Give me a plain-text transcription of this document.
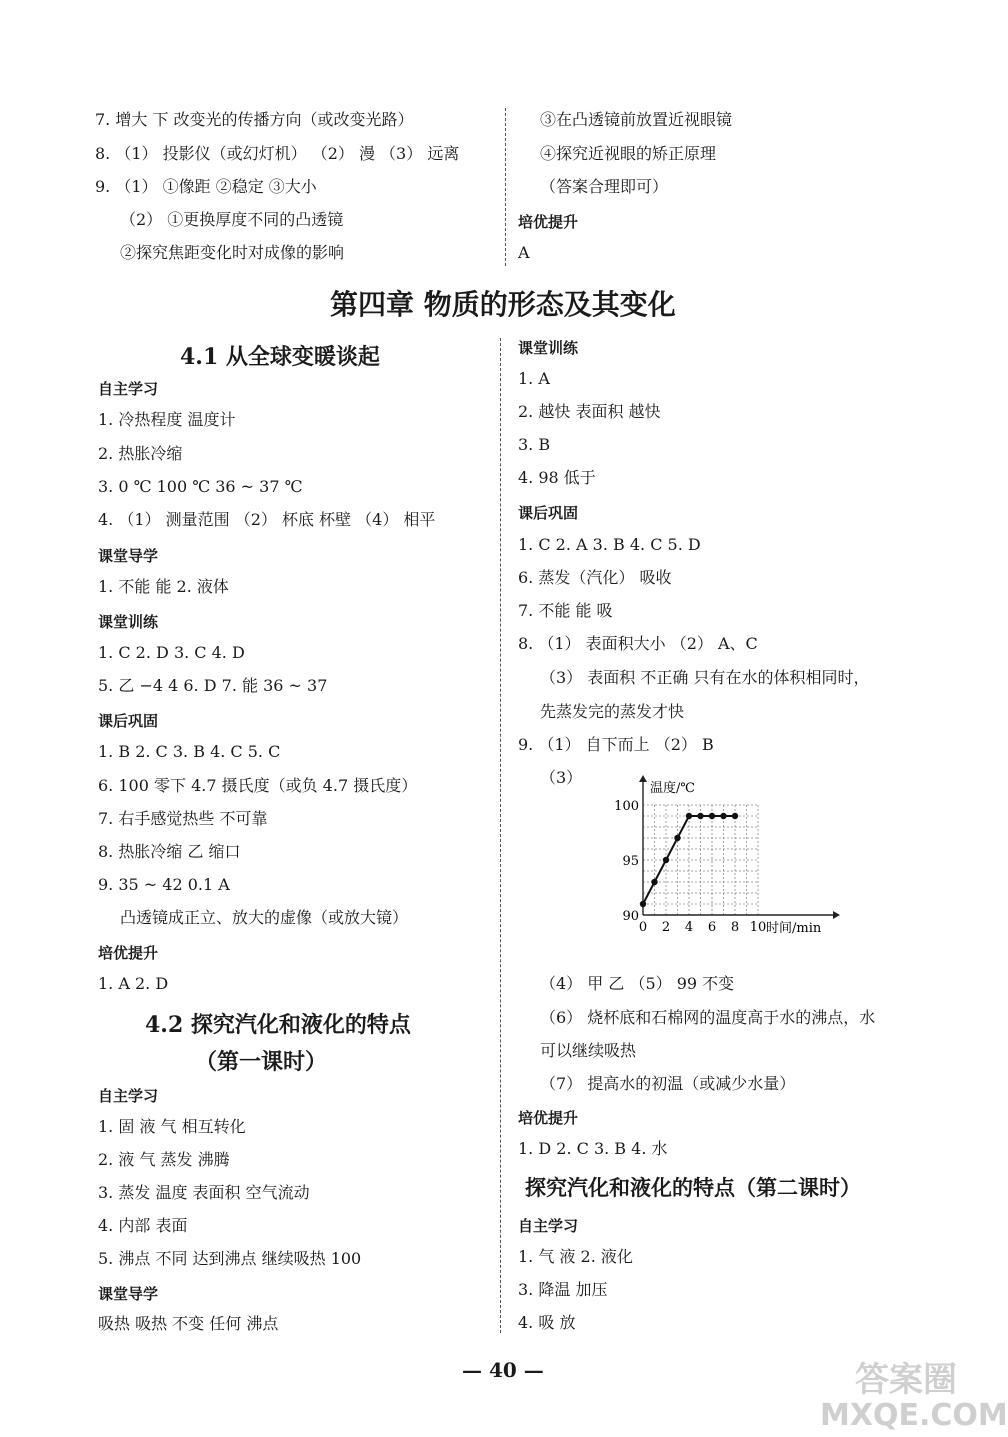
7. 增大 下 改变光的传播方向（或改变光路）
8. （1） 投影仪（或幻灯机） （2） 漫 （3） 远离
9. （1） ①像距 ②稳定 ③大小
（2） ①更换厚度不同的凸透镜
②探究焦距变化时对成像的影响
③在凸透镜前放置近视眼镜
④探究近视眼的矫正原理
（答案合理即可）
培优提升
A
第四章 物质的形态及其变化
4.1 从全球变暖谈起
自主学习
1. 冷热程度 温度计
2. 热胀冷缩
3. 0 ℃ 100 ℃ 36 ~ 37 ℃
4. （1） 测量范围 （2） 杯底 杯壁 （4） 相平
课堂导学
1. 不能 能 2. 液体
课堂训练
1. C 2. D 3. C 4. D
5. 乙 −4 4 6. D 7. 能 36 ~ 37
课后巩固
1. B 2. C 3. B 4. C 5. C
6. 100 零下 4.7 摄氏度（或负 4.7 摄氏度）
7. 右手感觉热些 不可靠
8. 热胀冷缩 乙 缩口
9. 35 ~ 42 0.1 A
凸透镜成正立、放大的虚像（或放大镜）
培优提升
1. A 2. D
4.2 探究汽化和液化的特点
（第一课时）
自主学习
1. 固 液 气 相互转化
2. 液 气 蒸发 沸腾
3. 蒸发 温度 表面积 空气流动
4. 内部 表面
5. 沸点 不同 达到沸点 继续吸热 100
课堂导学
吸热 吸热 不变 任何 沸点
课堂训练
1. A
2. 越快 表面积 越快
3. B
4. 98 低于
课后巩固
1. C 2. A 3. B 4. C 5. D
6. 蒸发（汽化） 吸收
7. 不能 能 吸
8. （1） 表面积大小 （2） A、C
（3） 表面积 不正确 只有在水的体积相同时，
先蒸发完的蒸发才快
9. （1） 自下而上 （2） B
（3）
温度/℃
0 2 4 6 8 10 时间/min
90
95
100
（4） 甲 乙 （5） 99 不变
（6） 烧杯底和石棉网的温度高于水的沸点，水
可以继续吸热
（7） 提高水的初温（或减少水量）
培优提升
1. D 2. C 3. B 4. 水
探究汽化和液化的特点（第二课时）
自主学习
1. 气 液 2. 液化
3. 降温 加压
4. 吸 放
— 40 —	答案圈
MXQE.COM
